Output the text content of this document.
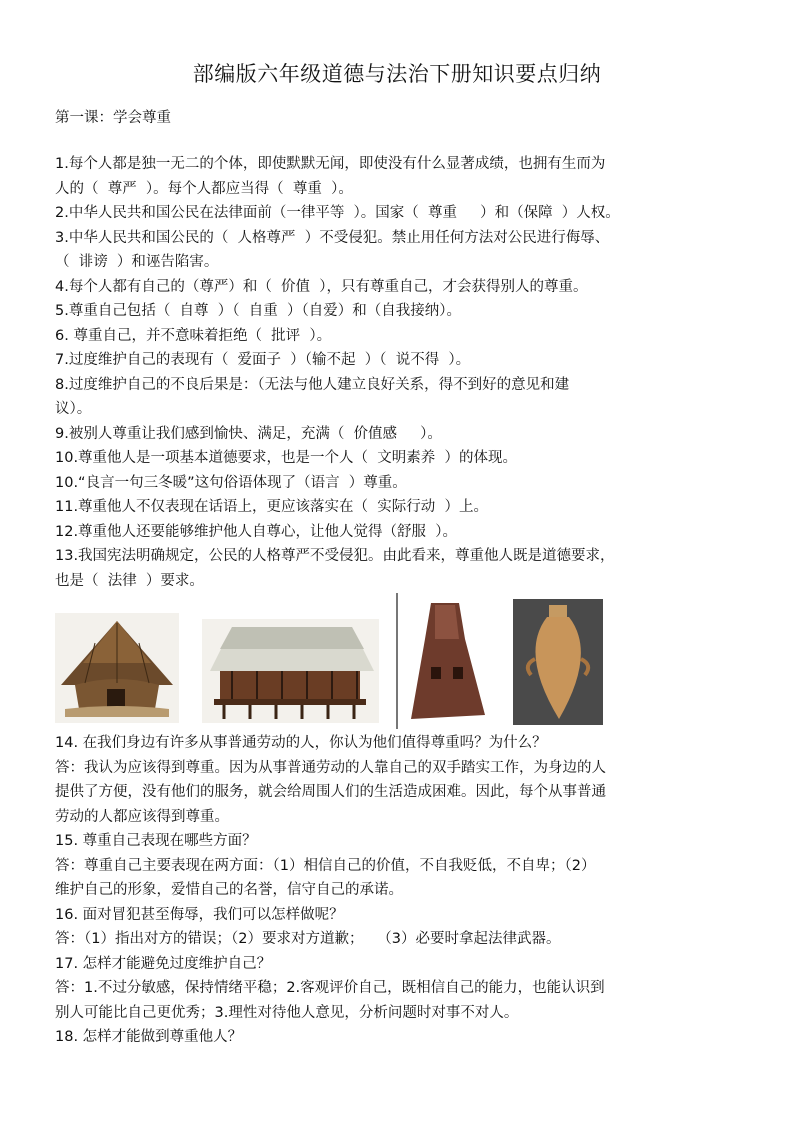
部编版六年级道德与法治下册知识要点归纳
第一课：学会尊重
1.每个人都是独一无二的个体，即使默默无闻，即使没有什么显著成绩，也拥有生而为
人的（  尊严  ）。每个人都应当得（  尊重  ）。
2.中华人民共和国公民在法律面前（一律平等  ）。国家（  尊重     ）和（保障  ）人权。
3.中华人民共和国公民的（  人格尊严  ）不受侵犯。禁止用任何方法对公民进行侮辱、
（  诽谤  ）和诬告陷害。
4.每个人都有自己的（尊严）和（  价值  ），只有尊重自己，才会获得别人的尊重。
5.尊重自己包括（  自尊  ）（  自重  ）（自爱）和（自我接纳）。
6. 尊重自己，并不意味着拒绝（  批评  ）。
7.过度维护自己的表现有（  爱面子  ）（输不起  ）（  说不得  ）。
8.过度维护自己的不良后果是：（无法与他人建立良好关系，得不到好的意见和建
议）。
9.被别人尊重让我们感到愉快、满足，充满（  价值感     ）。
10.尊重他人是一项基本道德要求，也是一个人（  文明素养  ）的体现。
10.“良言一句三冬暖”这句俗语体现了（语言  ）尊重。
11.尊重他人不仅表现在话语上，更应该落实在（  实际行动  ）上。
12.尊重他人还要能够维护他人自尊心，让他人觉得（舒服  ）。
13.我国宪法明确规定，公民的人格尊严不受侵犯。由此看来，尊重他人既是道德要求，
也是（  法律  ）要求。
14. 在我们身边有许多从事普通劳动的人，你认为他们值得尊重吗？为什么？
答：我认为应该得到尊重。因为从事普通劳动的人靠自己的双手踏实工作，为身边的人
提供了方便，没有他们的服务，就会给周围人们的生活造成困难。因此，每个从事普通
劳动的人都应该得到尊重。
15. 尊重自己表现在哪些方面？
答：尊重自己主要表现在两方面：（1）相信自己的价值，不自我贬低，不自卑；（2）
维护自己的形象，爱惜自己的名誉，信守自己的承诺。
16. 面对冒犯甚至侮辱，我们可以怎样做呢？
答：（1）指出对方的错误；（2）要求对方道歉；   （3）必要时拿起法律武器。
17. 怎样才能避免过度维护自己？
答：1.不过分敏感，保持情绪平稳；2.客观评价自己，既相信自己的能力，也能认识到
别人可能比自己更优秀；3.理性对待他人意见，分析问题时对事不对人。
18. 怎样才能做到尊重他人？
